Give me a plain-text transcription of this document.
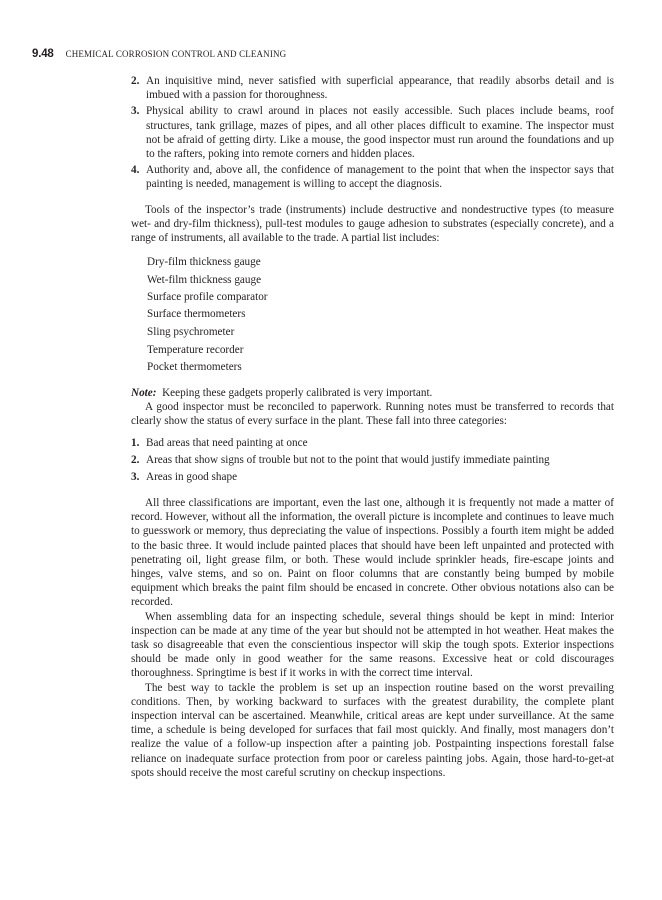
9.48 CHEMICAL CORROSION CONTROL AND CLEANING
2. An inquisitive mind, never satisfied with superficial appearance, that readily absorbs detail and is imbued with a passion for thoroughness.
3. Physical ability to crawl around in places not easily accessible. Such places include beams, roof structures, tank grillage, mazes of pipes, and all other places difficult to examine. The inspector must not be afraid of getting dirty. Like a mouse, the good inspector must run around the foundations and up to the rafters, poking into remote corners and hidden places.
4. Authority and, above all, the confidence of management to the point that when the inspector says that painting is needed, management is willing to accept the diagnosis.

Tools of the inspector’s trade (instruments) include destructive and nondestructive types (to measure wet- and dry-film thickness), pull-test modules to gauge adhesion to substrates (especially concrete), and a range of instruments, all available to the trade. A partial list includes:

Dry-film thickness gauge
Wet-film thickness gauge
Surface profile comparator
Surface thermometers
Sling psychrometer
Temperature recorder
Pocket thermometers

Note: Keeping these gadgets properly calibrated is very important.

A good inspector must be reconciled to paperwork. Running notes must be transferred to records that clearly show the status of every surface in the plant. These fall into three categories:

1. Bad areas that need painting at once
2. Areas that show signs of trouble but not to the point that would justify immediate painting
3. Areas in good shape

All three classifications are important, even the last one, although it is frequently not made a matter of record. However, without all the information, the overall picture is incomplete and continues to leave much to guesswork or memory, thus depreciating the value of inspections. Possibly a fourth item might be added to the basic three. It would include painted places that should have been left unpainted and protected with penetrating oil, light grease film, or both. These would include sprinkler heads, fire-escape joints and hinges, valve stems, and so on. Paint on floor columns that are constantly being bumped by mobile equipment which breaks the paint film should be encased in concrete. Other obvious notations also can be recorded.

When assembling data for an inspecting schedule, several things should be kept in mind: Interior inspection can be made at any time of the year but should not be attempted in hot weather. Heat makes the task so disagreeable that even the conscientious inspector will skip the tough spots. Exterior inspections should be made only in good weather for the same reasons. Excessive heat or cold discourages thoroughness. Springtime is best if it works in with the correct time interval.

The best way to tackle the problem is set up an inspection routine based on the worst prevailing conditions. Then, by working backward to surfaces with the greatest durability, the complete plant inspection interval can be ascertained. Meanwhile, critical areas are kept under surveillance. At the same time, a schedule is being developed for surfaces that fail most quickly. And finally, most managers don’t realize the value of a follow-up inspection after a painting job. Postpainting inspections forestall false reliance on inadequate surface protection from poor or careless painting jobs. Again, those hard-to-get-at spots should receive the most careful scrutiny on checkup inspections.
